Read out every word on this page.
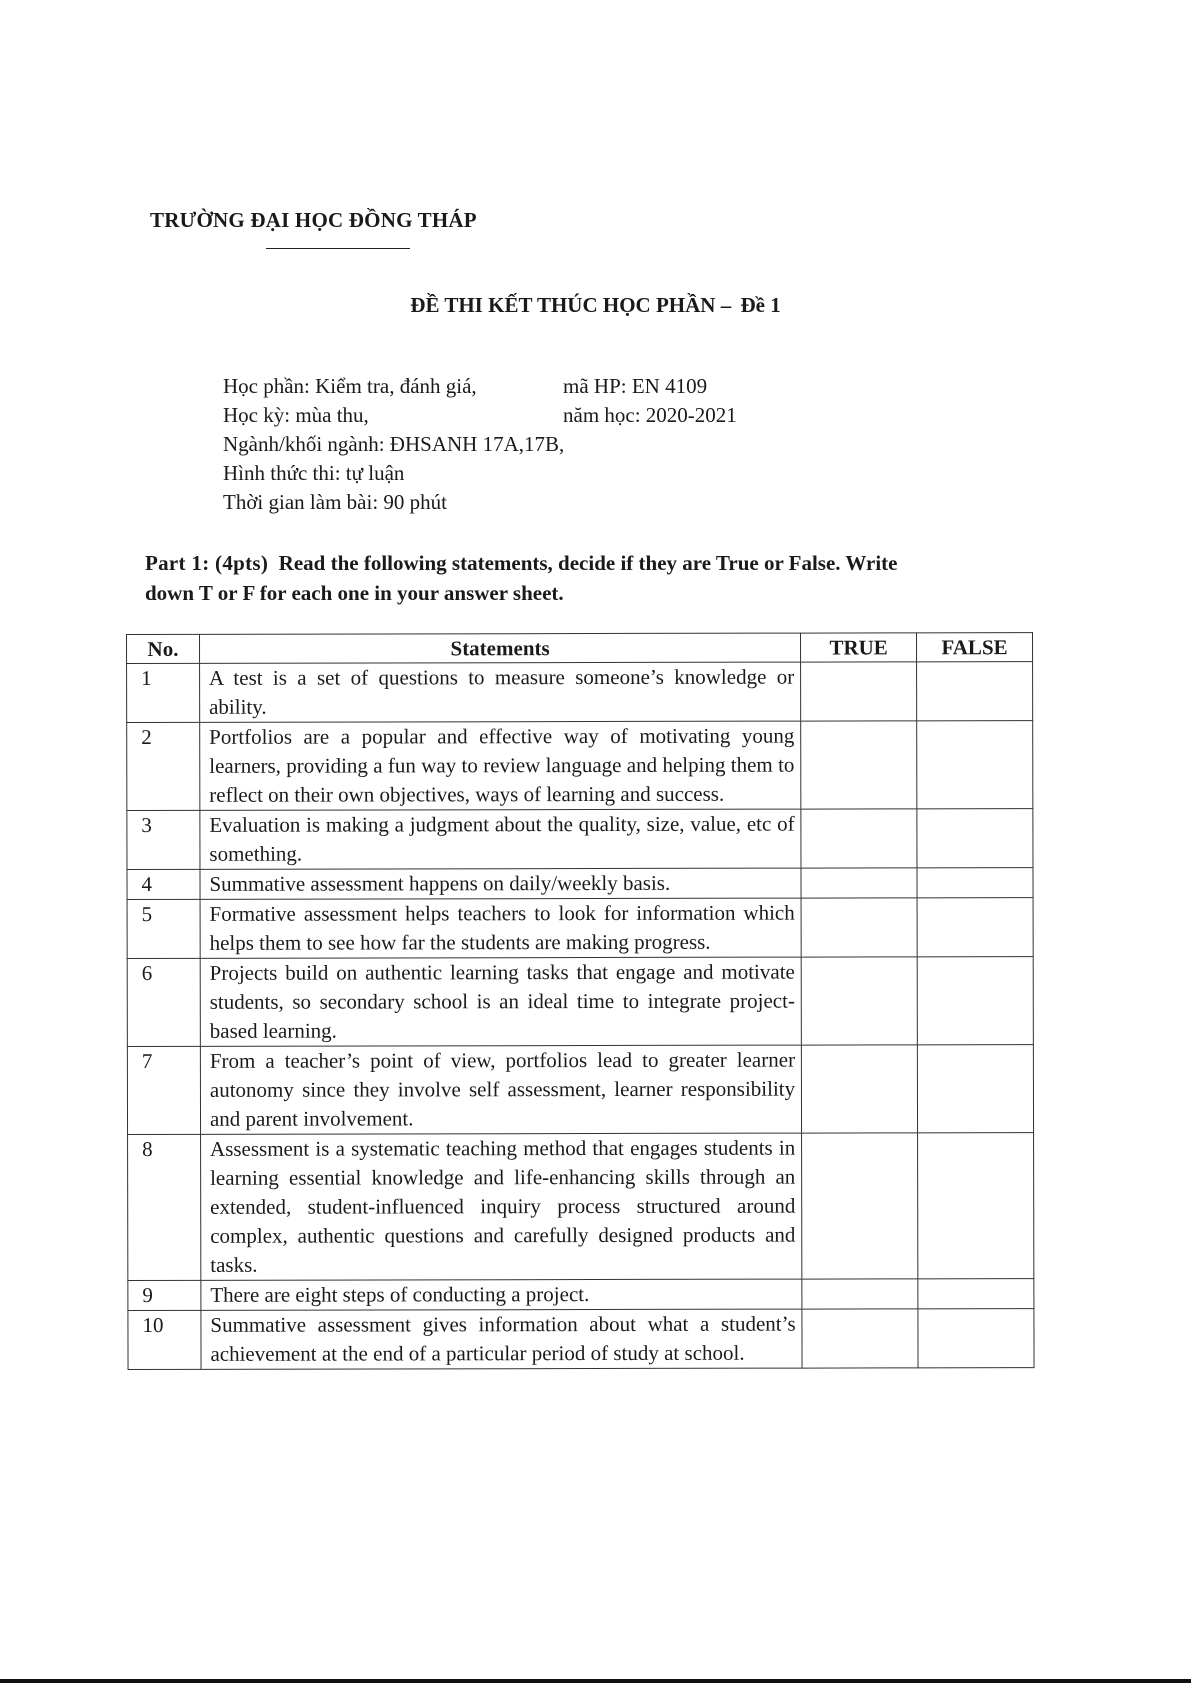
TRƯỜNG ĐẠI HỌC ĐỒNG THÁP
ĐỀ THI KẾT THÚC HỌC PHẦN – Đề 1
Học phần: Kiểm tra, đánh giá,	mã HP: EN 4109
Học kỳ: mùa thu,	năm học: 2020-2021
Ngành/khối ngành: ĐHSANH 17A,17B,
Hình thức thi: tự luận
Thời gian làm bài: 90 phút
Part 1: (4pts) Read the following statements, decide if they are True or False. Write
down T or F for each one in your answer sheet.
No.	Statements	TRUE	FALSE
1	A test is a set of questions to measure someone’s knowledge or ability.		
2	Portfolios are a popular and effective way of motivating young learners, providing a fun way to review language and helping them to reflect on their own objectives, ways of learning and success.		
3	Evaluation is making a judgment about the quality, size, value, etc of something.		
4	Summative assessment happens on daily/weekly basis.		
5	Formative assessment helps teachers to look for information which helps them to see how far the students are making progress.		
6	Projects build on authentic learning tasks that engage and motivate students, so secondary school is an ideal time to integrate project-based learning.		
7	From a teacher’s point of view, portfolios lead to greater learner autonomy since they involve self assessment, learner responsibility and parent involvement.		
8	Assessment is a systematic teaching method that engages students in learning essential knowledge and life-enhancing skills through an extended, student-influenced inquiry process structured around complex, authentic questions and carefully designed products and tasks.		
9	There are eight steps of conducting a project.		
10	Summative assessment gives information about what a student’s achievement at the end of a particular period of study at school.		
